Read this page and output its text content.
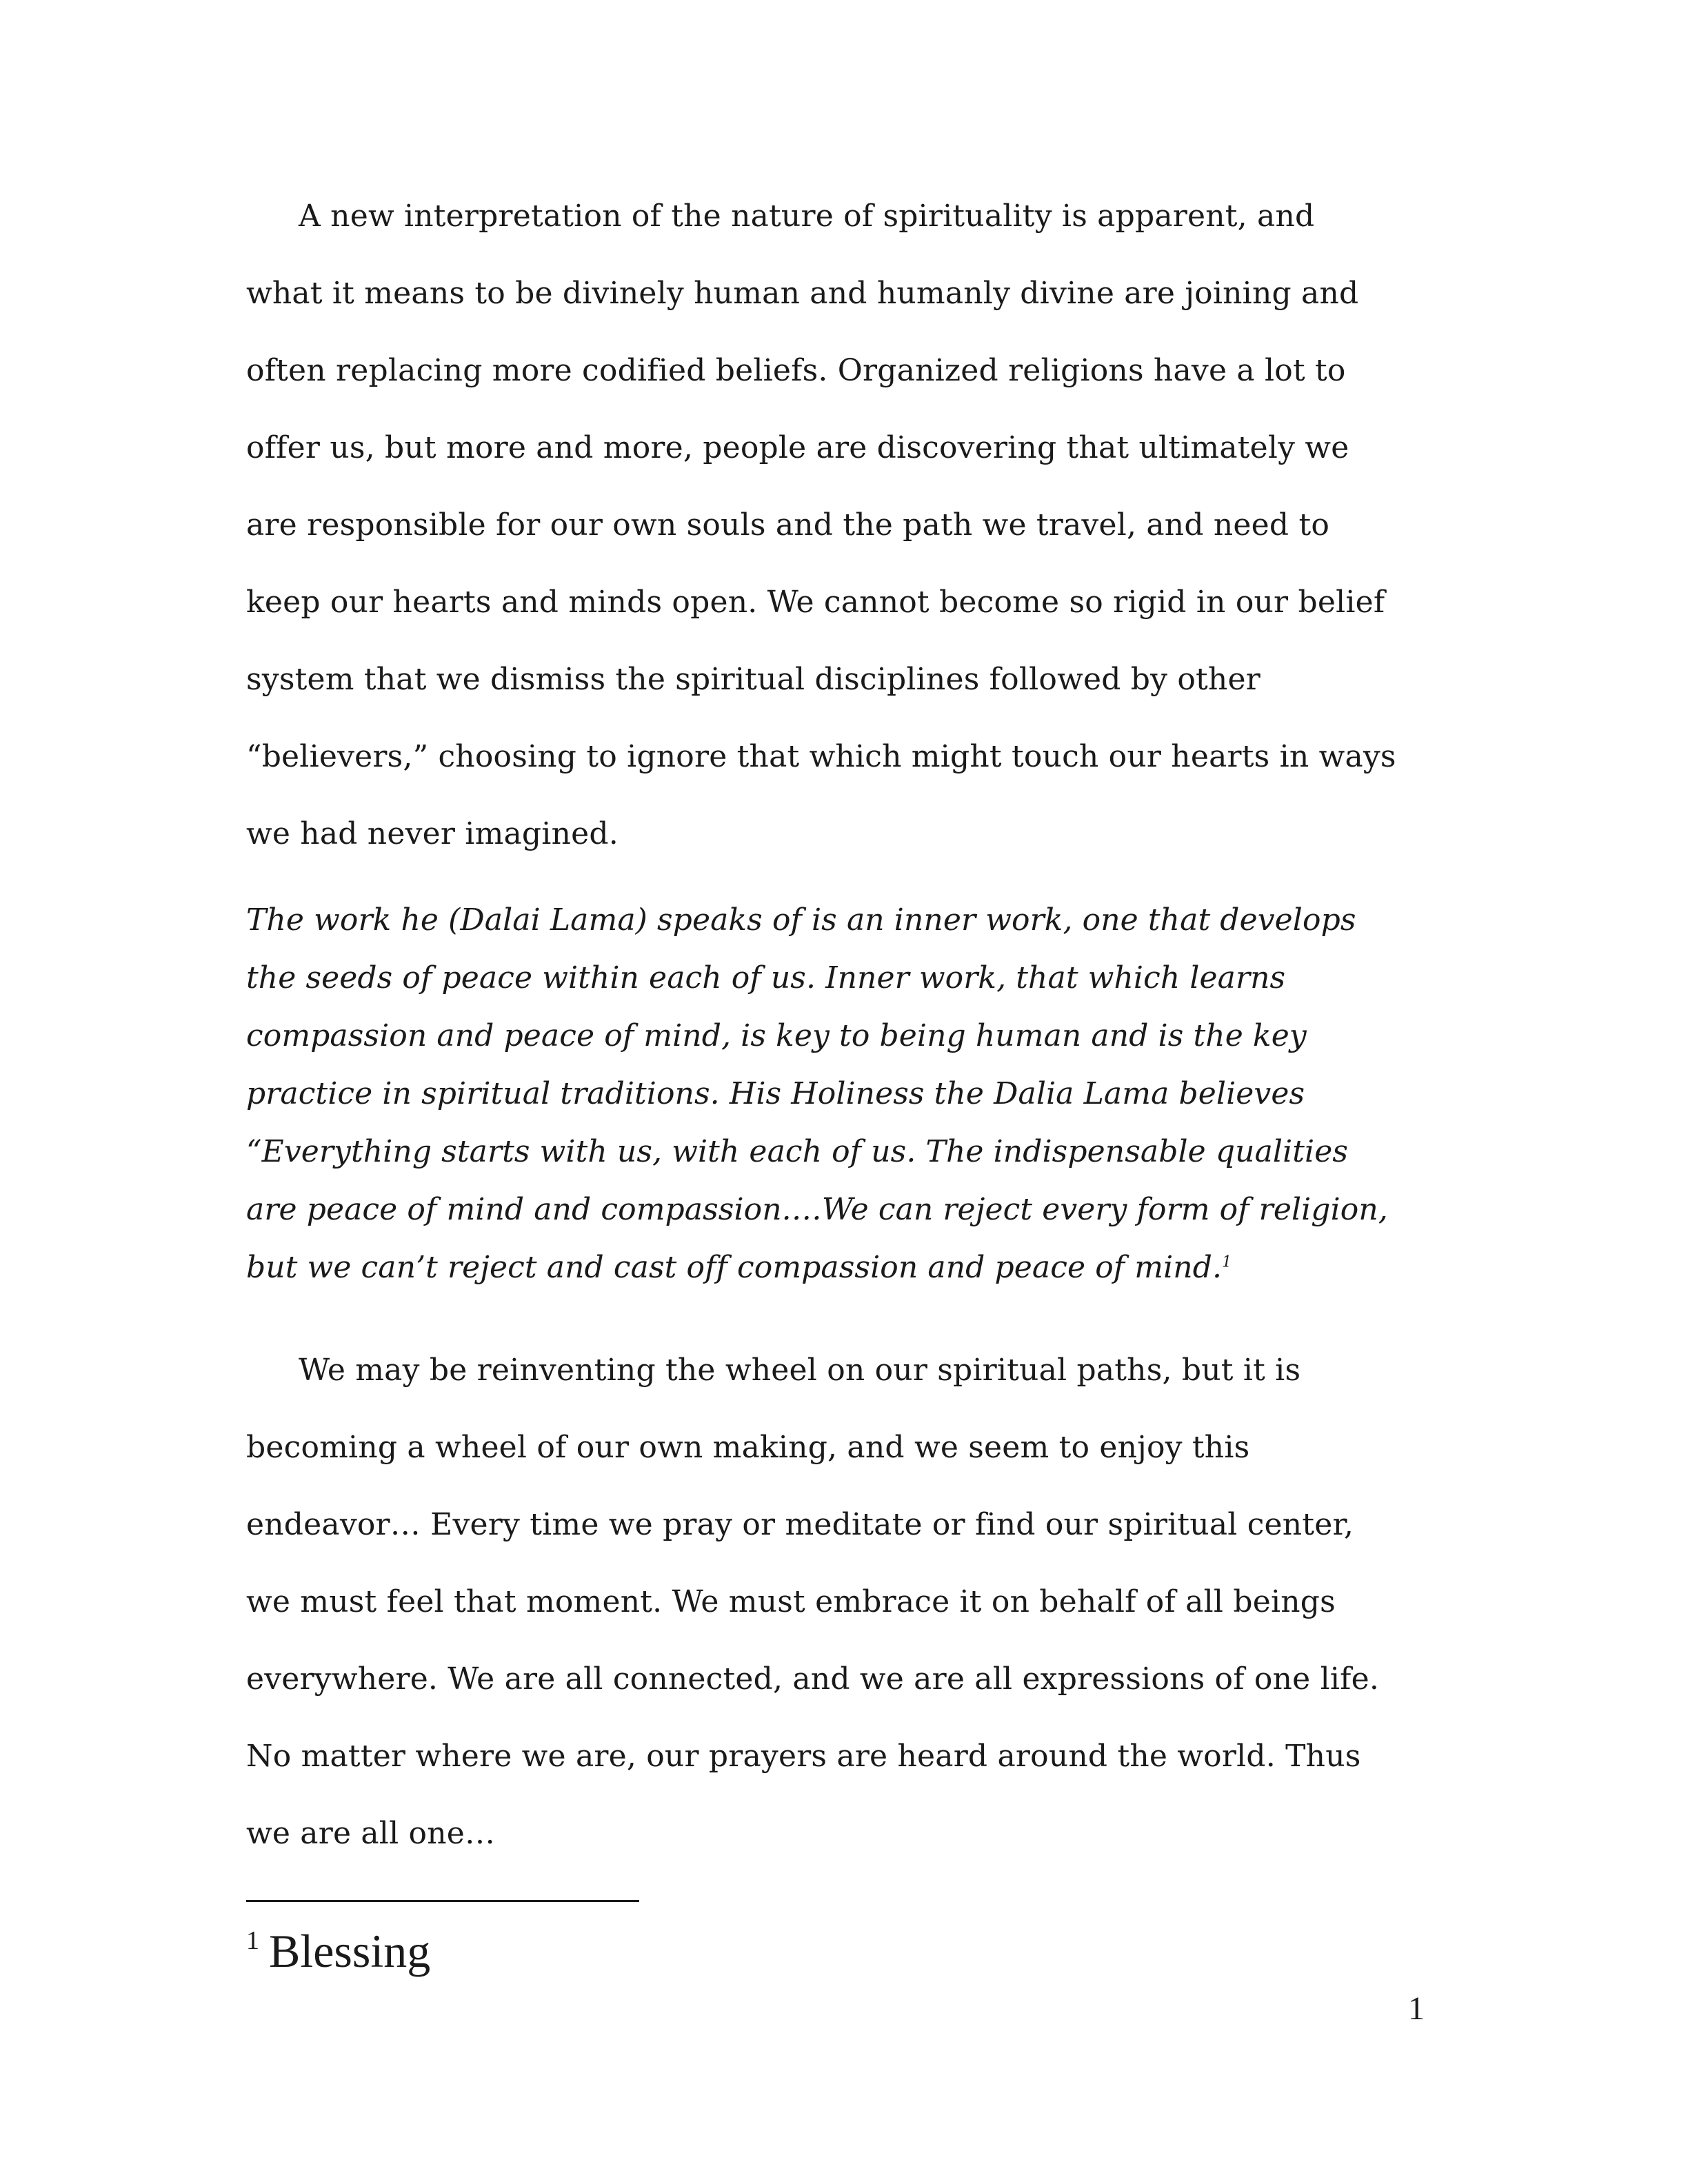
A new interpretation of the nature of spirituality is apparent, and
what it means to be divinely human and humanly divine are joining and
often replacing more codified beliefs. Organized religions have a lot to
offer us, but more and more, people are discovering that ultimately we
are responsible for our own souls and the path we travel, and need to
keep our hearts and minds open. We cannot become so rigid in our belief
system that we dismiss the spiritual disciplines followed by other
“believers,” choosing to ignore that which might touch our hearts in ways
we had never imagined.
The work he (Dalai Lama) speaks of is an inner work, one that develops
the seeds of peace within each of us. Inner work, that which learns
compassion and peace of mind, is key to being human and is the key
practice in spiritual traditions. His Holiness the Dalia Lama believes
“Everything starts with us, with each of us. The indispensable qualities
are peace of mind and compassion.…We can reject every form of religion,
but we can’t reject and cast off compassion and peace of mind.$^1$
We may be reinventing the wheel on our spiritual paths, but it is
becoming a wheel of our own making, and we seem to enjoy this
endeavor… Every time we pray or meditate or find our spiritual center,
we must feel that moment. We must embrace it on behalf of all beings
everywhere. We are all connected, and we are all expressions of one life.
No matter where we are, our prayers are heard around the world. Thus
we are all one…
$^1$ Blessing
1
